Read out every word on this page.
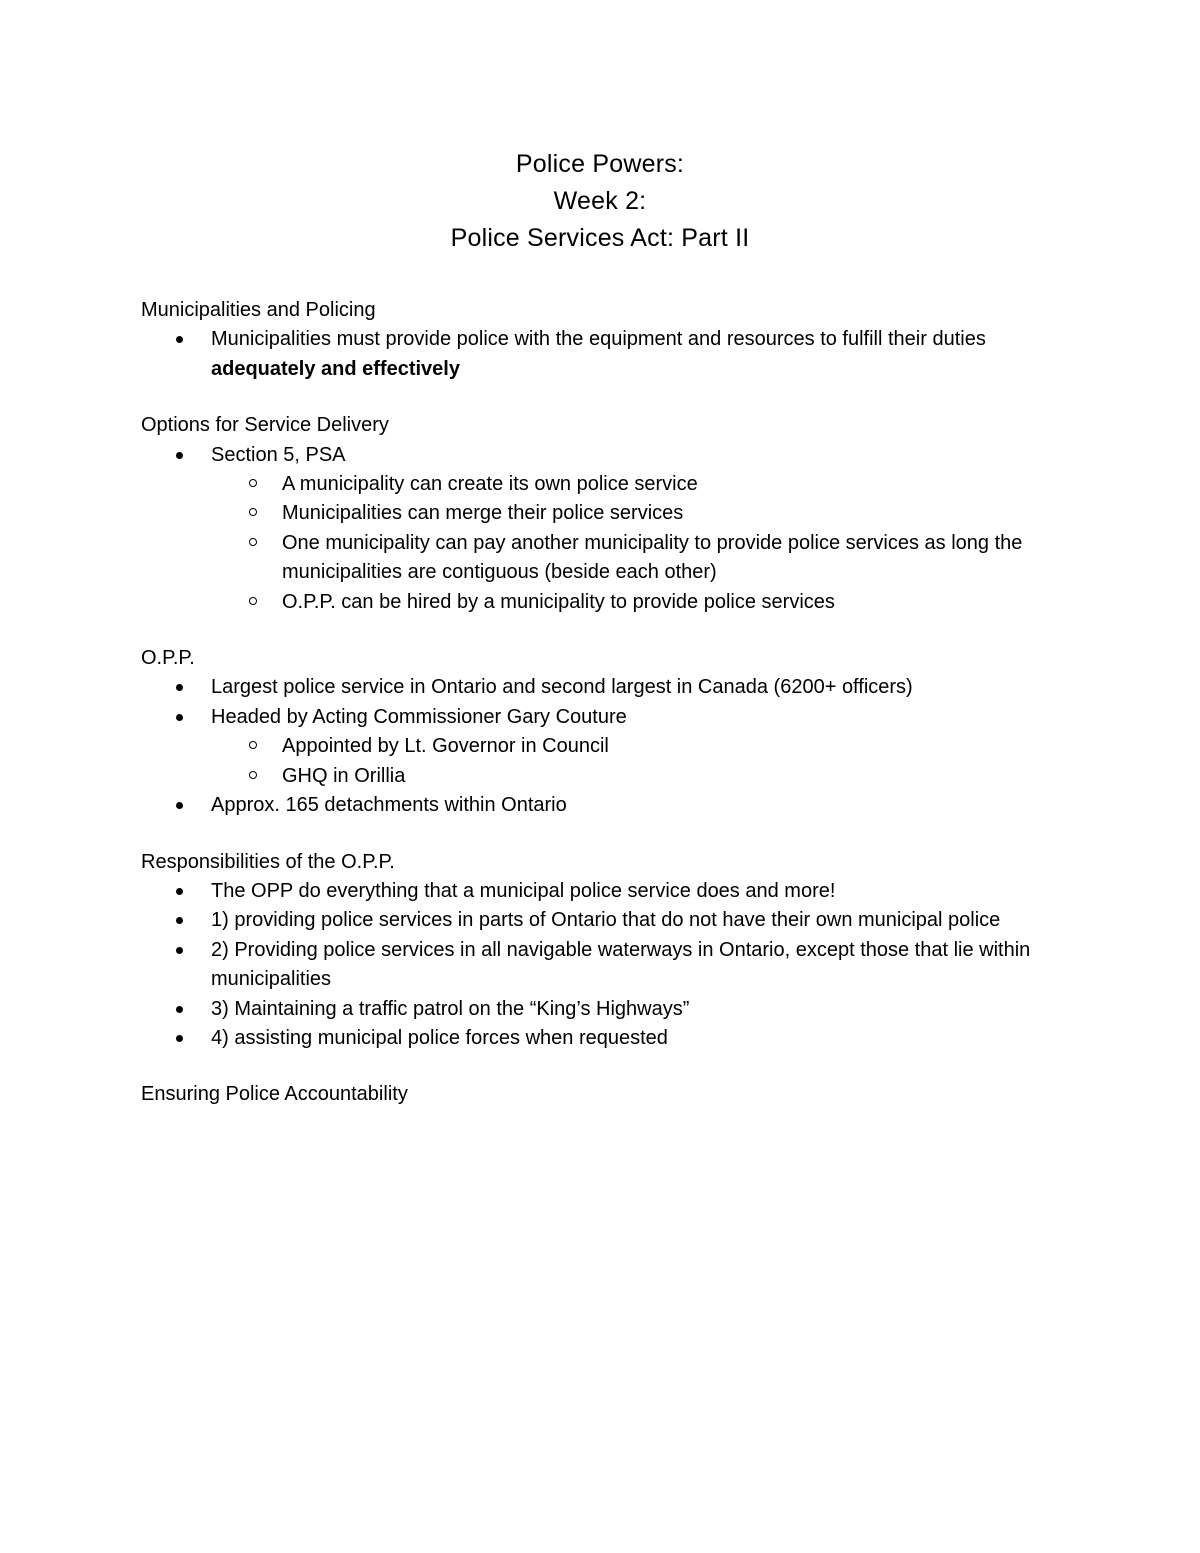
Police Powers:
Week 2:
Police Services Act: Part II
Municipalities and Policing
Municipalities must provide police with the equipment and resources to fulfill their duties adequately and effectively
Options for Service Delivery
Section 5, PSA
A municipality can create its own police service
Municipalities can merge their police services
One municipality can pay another municipality to provide police services as long the municipalities are contiguous (beside each other)
O.P.P. can be hired by a municipality to provide police services
O.P.P.
Largest police service in Ontario and second largest in Canada (6200+ officers)
Headed by Acting Commissioner Gary Couture
Appointed by Lt. Governor in Council
GHQ in Orillia
Approx. 165 detachments within Ontario
Responsibilities of the O.P.P.
The OPP do everything that a municipal police service does and more!
1) providing police services in parts of Ontario that do not have their own municipal police
2) Providing police services in all navigable waterways in Ontario, except those that lie within municipalities
3) Maintaining a traffic patrol on the “King’s Highways”
4) assisting municipal police forces when requested
Ensuring Police Accountability
